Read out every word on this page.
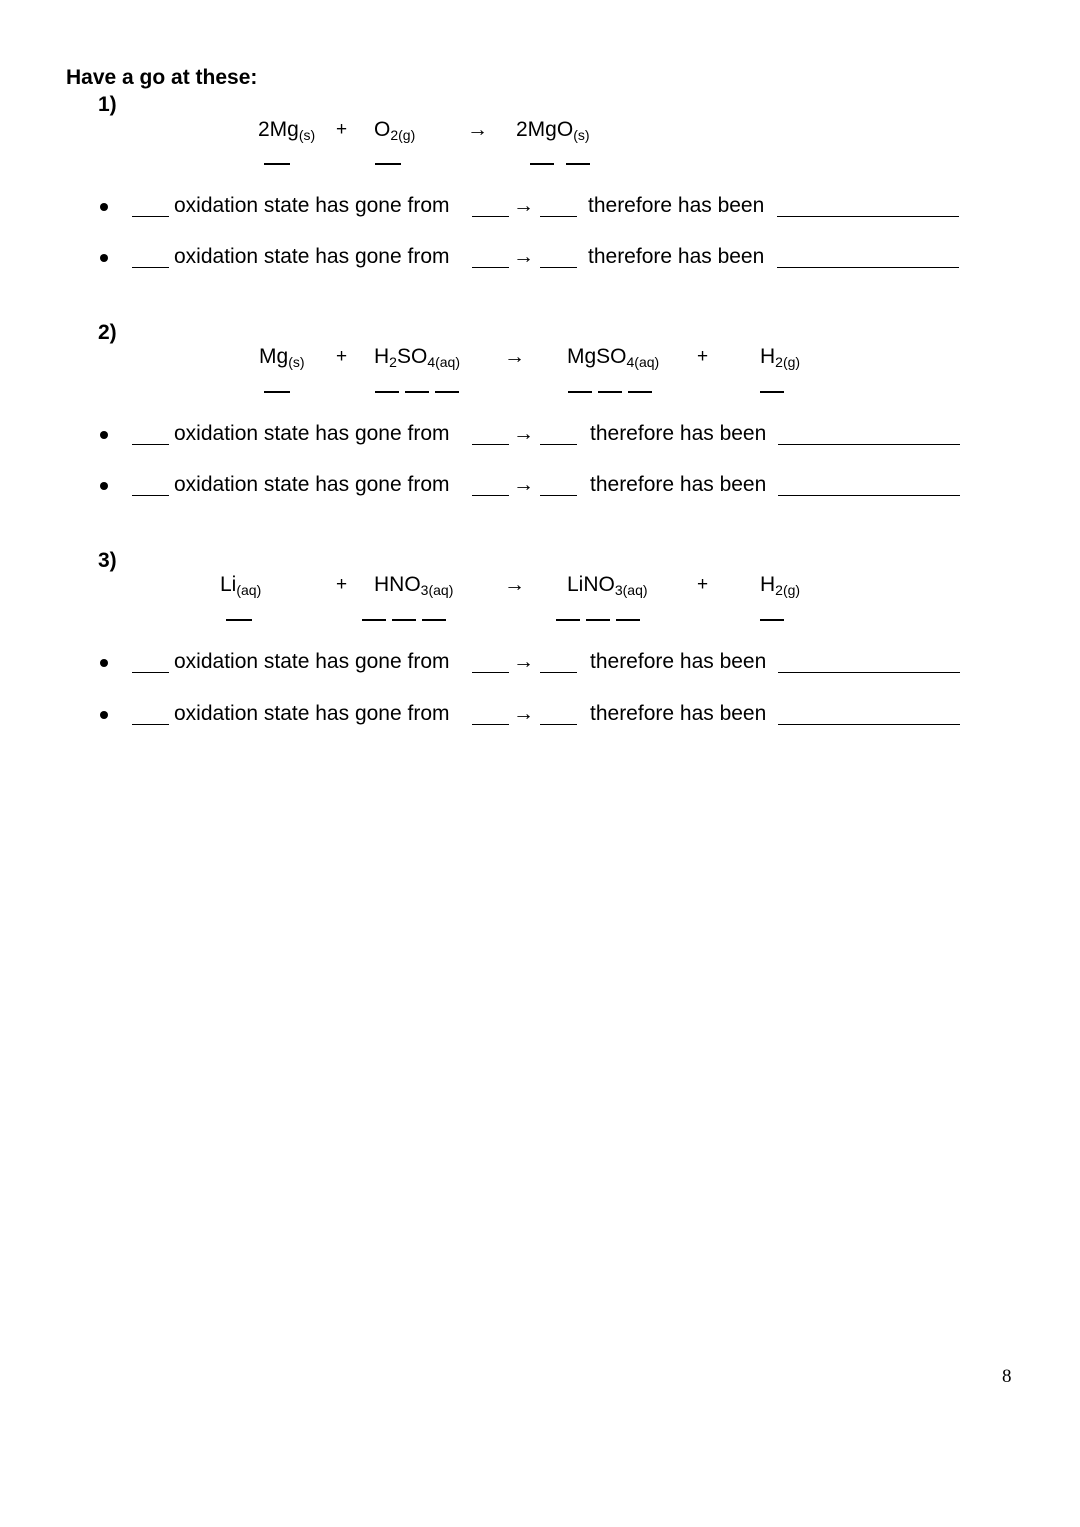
Have a go at these:
1)
$2Mg_{(s)} + O_{2(g)} \to 2MgO_{(s)}$
oxidation state has gone from	→	therefore has been
oxidation state has gone from	→	therefore has been
2)
$Mg_{(s)} + H_2SO_{4(aq)}$ → MgSO$_{4(aq)}$ + $H_{2(g)}$
oxidation state has gone from	→	therefore has been
oxidation state has gone from	→	therefore has been
3)
$Li_{(aq)}$	+ $HNO_{3(aq)}$ → LiNO$_{3(aq)}$	+ $H_{2(g)}$
oxidation state has gone from	→	therefore has been
oxidation state has gone from	→	therefore has been
8
